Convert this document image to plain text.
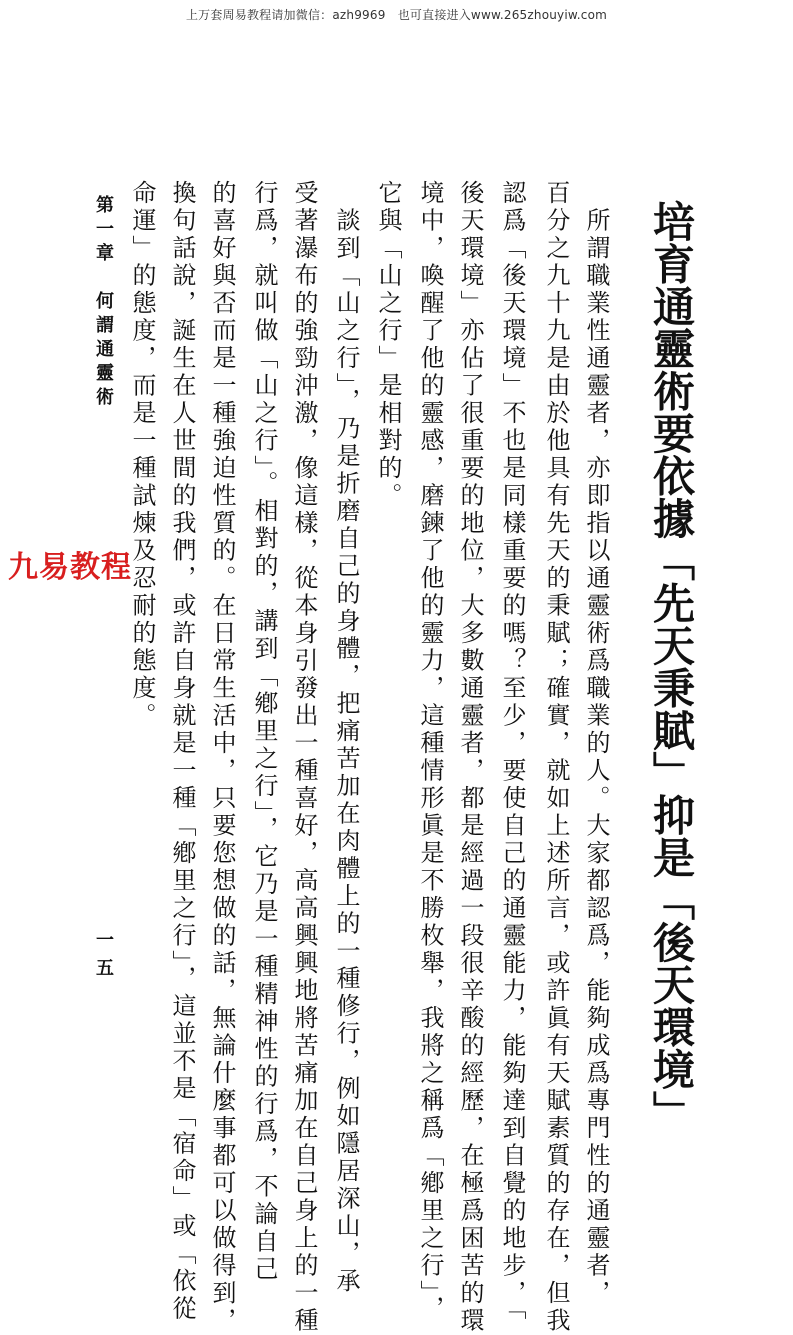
上万套周易教程请加微信：azh9969　也可直接进入www.265zhouyiw.com
培育通靈術要依據「先天秉賦」抑是「後天環境」
　所謂職業性通靈者，亦即指以通靈術爲職業的人。大家都認爲，能夠成爲專門性的通靈者，
百分之九十九是由於他具有先天的秉賦；確實，就如上述所言，或許眞有天賦素質的存在，但我
認爲「後天環境」不也是同樣重要的嗎？至少，要使自己的通靈能力，能夠達到自覺的地步，「
後天環境」亦佔了很重要的地位，大多數通靈者，都是經過一段很辛酸的經歷，在極爲困苦的環
境中，喚醒了他的靈感，磨鍊了他的靈力，這種情形眞是不勝枚舉，我將之稱爲「鄕里之行」，
它與「山之行」是相對的。
　談到「山之行」，乃是折磨自己的身體，把痛苦加在肉體上的一種修行，例如隱居深山，承
受著瀑布的強勁沖激，像這樣，從本身引發出一種喜好，高高興興地將苦痛加在自己身上的一種
行爲，就叫做「山之行」。相對的，講到「鄕里之行」，它乃是一種精神性的行爲，不論自己
的喜好與否而是一種強迫性質的。在日常生活中，只要您想做的話，無論什麼事都可以做得到，
換句話說，誕生在人世間的我們，或許自身就是一種「鄕里之行」，這並不是「宿命」或「依從
命運」的態度，而是一種試煉及忍耐的態度。
第一章　何謂通靈術
一五
九易教程
